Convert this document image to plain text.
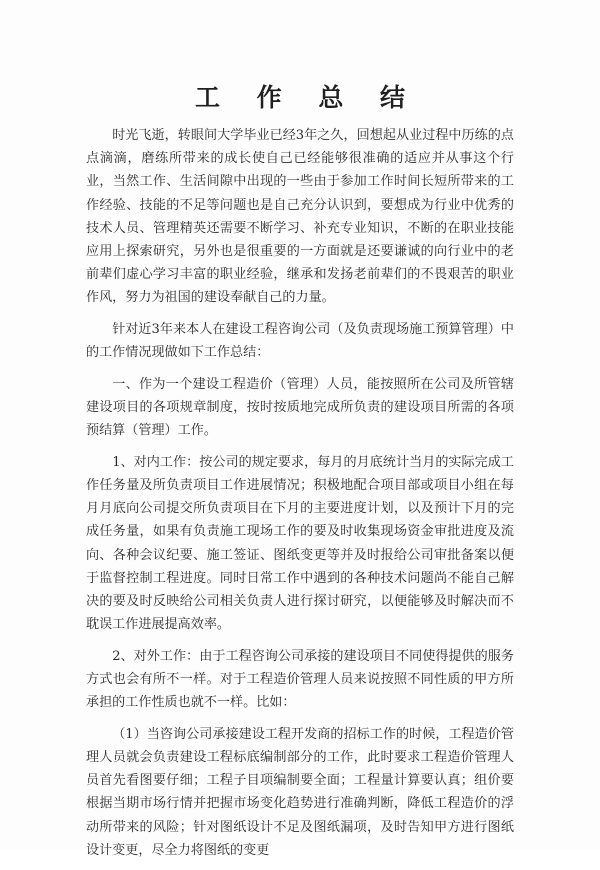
工 作 总 结

时光飞逝，转眼间大学毕业已经3年之久，回想起从业过程中历练的点点滴滴，磨练所带来的成长使自己已经能够很准确的适应并从事这个行业，当然工作、生活间隙中出现的一些由于参加工作时间长短所带来的工作经验、技能的不足等问题也是自己充分认识到，要想成为行业中优秀的技术人员、管理精英还需要不断学习、补充专业知识，不断的在职业技能应用上探索研究，另外也是很重要的一方面就是还要谦诚的向行业中的老前辈们虚心学习丰富的职业经验，继承和发扬老前辈们的不畏艰苦的职业作风，努力为祖国的建设奉献自己的力量。

针对近3年来本人在建设工程咨询公司（及负责现场施工预算管理）中的工作情况现做如下工作总结：

一、作为一个建设工程造价（管理）人员，能按照所在公司及所管辖建设项目的各项规章制度，按时按质地完成所负责的建设项目所需的各项预结算（管理）工作。

1、对内工作：按公司的规定要求，每月的月底统计当月的实际完成工作任务量及所负责项目工作进展情况；积极地配合项目部或项目小组在每月月底向公司提交所负责项目在下月的主要进度计划，以及预计下月的完成任务量，如果有负责施工现场工作的要及时收集现场资金审批进度及流向、各种会议纪要、施工签证、图纸变更等并及时报给公司审批备案以便于监督控制工程进度。同时日常工作中遇到的各种技术问题尚不能自己解决的要及时反映给公司相关负责人进行探讨研究，以便能够及时解决而不耽误工作进展提高效率。

2、对外工作：由于工程咨询公司承接的建设项目不同使得提供的服务方式也会有所不一样。对于工程造价管理人员来说按照不同性质的甲方所承担的工作性质也就不一样。比如：

（1）当咨询公司承接建设工程开发商的招标工作的时候，工程造价管理人员就会负责建设工程标底编制部分的工作，此时要求工程造价管理人员首先看图要仔细；工程子目项编制要全面；工程量计算要认真；组价要根据当期市场行情并把握市场变化趋势进行准确判断，降低工程造价的浮动所带来的风险；针对图纸设计不足及图纸漏项，及时告知甲方进行图纸设计变更，尽全力将图纸的变更
